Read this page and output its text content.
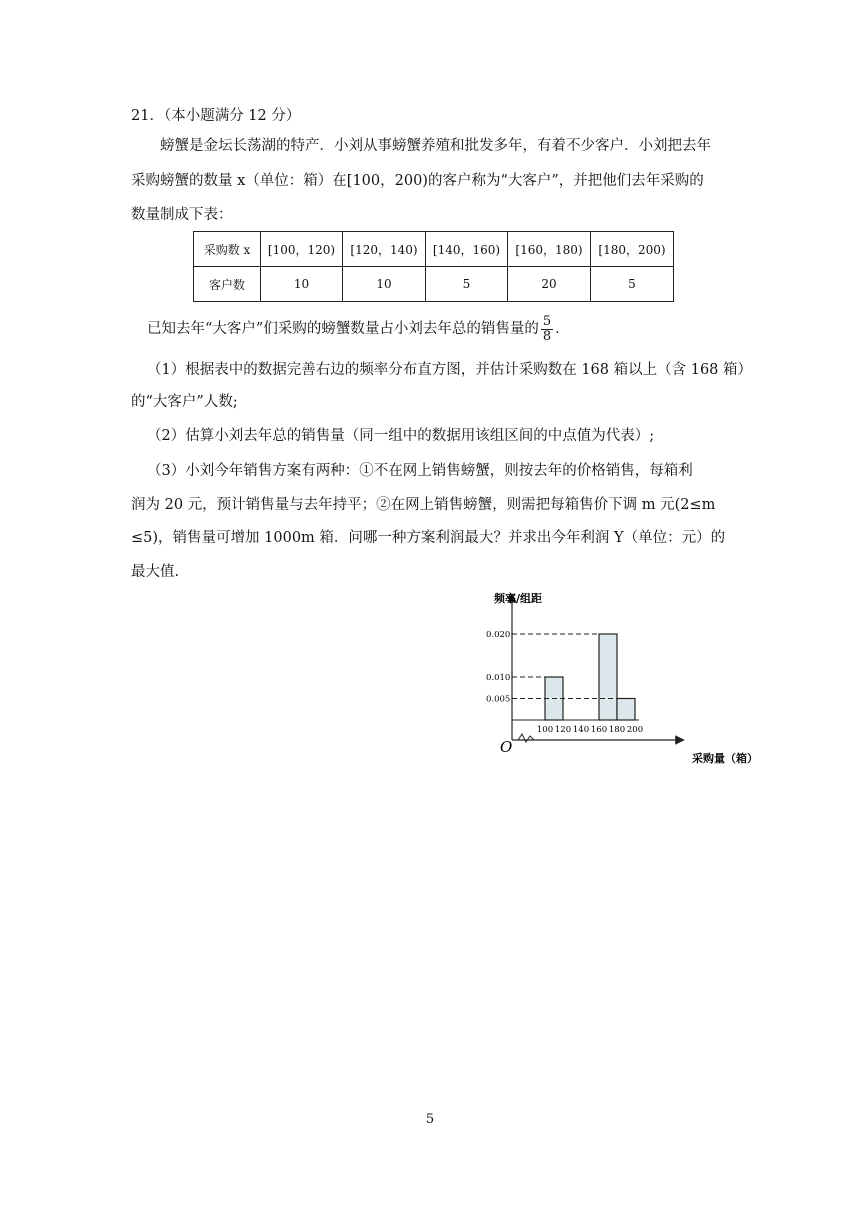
21．（本小题满分 12 分）
螃蟹是金坛长荡湖的特产．小刘从事螃蟹养殖和批发多年，有着不少客户．小刘把去年
采购螃蟹的数量 x（单位：箱）在[100，200)的客户称为“大客户”，并把他们去年采购的
数量制成下表：
采购数 x	[100，120)	[120，140)	[140，160)	[160，180)	[180，200)
客户数	10	10	5	20	5
已知去年“大客户”们采购的螃蟹数量占小刘去年总的销售量的 $\frac{5}{8}$ ．
（1）根据表中的数据完善右边的频率分布直方图，并估计采购数在 168 箱以上（含 168 箱）
的“大客户”人数;
（2）估算小刘去年总的销售量（同一组中的数据用该组区间的中点值为代表）;
（3）小刘今年销售方案有两种：①不在网上销售螃蟹，则按去年的价格销售，每箱利
润为 20 元，预计销售量与去年持平；②在网上销售螃蟹，则需把每箱售价下调 m 元(2≤m
≤5)，销售量可增加 1000m 箱．问哪一种方案利润最大？并求出今年利润 Y（单位：元）的
最大值.
频率/组距
采购量（箱）
O
0.005
0.010
0.020
100 120 140 160 180 200
5
